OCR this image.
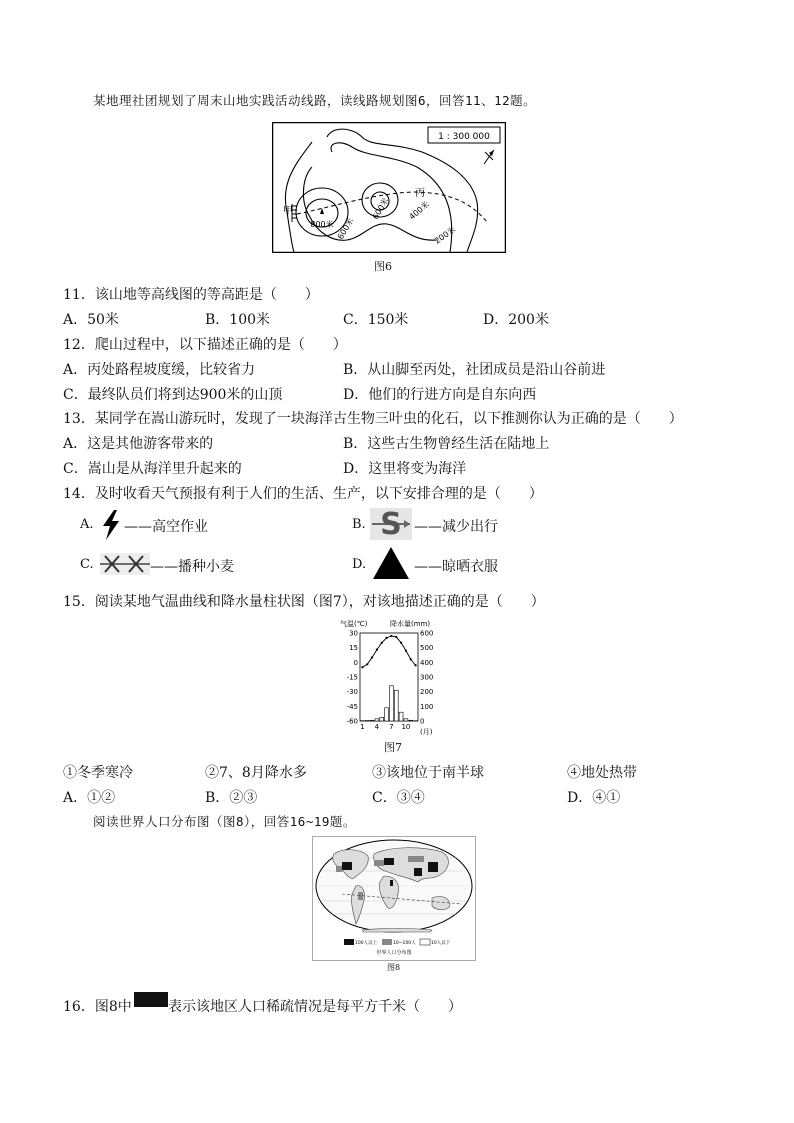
某地理社团规划了周末山地实践活动线路，读线路规划图6，回答11、12题。
1 : 300 000
甲
丙
800米 600米
600米 400米
200米
图6
11．该山地等高线图的等高距是（　　）
A．50米	B．100米	C．150米	D．200米
12．爬山过程中，以下描述正确的是（　　）
A．丙处路程坡度缓，比较省力	B．从山脚至丙处，社团成员是沿山谷前进
C．最终队员们将到达900米的山顶	D．他们的行进方向是自东向西
13．某同学在嵩山游玩时，发现了一块海洋古生物三叶虫的化石，以下推测你认为正确的是（　　）
A．这是其他游客带来的	B．这些古生物曾经生活在陆地上
C．嵩山是从海洋里升起来的	D．这里将变为海洋
14．及时收看天气预报有利于人们的生活、生产，以下安排合理的是（　　）
A. ——高空作业	B. S ——减少出行
C.	——播种小麦	D.	——晾晒衣服
15．阅读某地气温曲线和降水量柱状图（图7），对该地描述正确的是（　　）
气温(℃)	降水量(mm)
30
15
0
-15
-30
-45
-60
600
500
400
300
200
100
0
1 4 7 10
(月)
图7
①冬季寒冷	②7、8月降水多	③该地位于南半球	④地处热带
A．①②	B．②③	C．③④	D．④①
阅读世界人口分布图（图8），回答16~19题。
100人以上	10~100人	10人以下
世界人口分布图
图8
16．图8中	表示该地区人口稀疏情况是每平方千米（　　）
